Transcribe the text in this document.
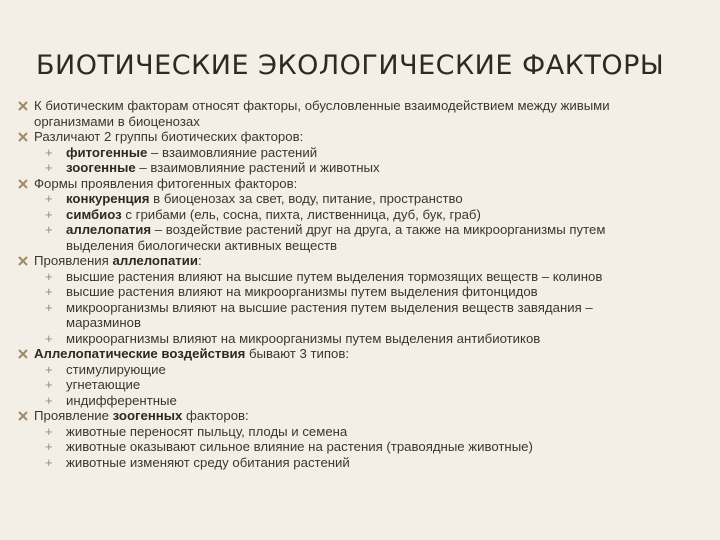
БИОТИЧЕСКИЕ ЭКОЛОГИЧЕСКИЕ ФАКТОРЫ
К биотическим факторам относят факторы, обусловленные взаимодействием между живыми
организмами в биоценозах
Различают 2 группы биотических факторов:
+ фитогенные – взаимовлияние растений
+ зоогенные – взаимовлияние растений и животных
Формы проявления фитогенных факторов:
+ конкуренция в биоценозах за свет, воду, питание, пространство
+ симбиоз с грибами (ель, сосна, пихта, лиственница, дуб, бук, граб)
+ аллелопатия – воздействие растений друг на друга, а также на микроорганизмы путем
выделения биологически активных веществ
Проявления аллелопатии:
+ высшие растения влияют на высшие путем выделения тормозящих веществ – колинов
+ высшие растения влияют на микроорганизмы путем выделения фитонцидов
+ микроорганизмы влияют на высшие растения путем выделения веществ завядания –
маразминов
+ микроорагнизмы влияют на микроорганизмы путем выделения антибиотиков
Аллелопатические воздействия бывают 3 типов:
+ стимулирующие
+ угнетающие
+ индифферентные
Проявление зоогенных факторов:
+ животные переносят пыльцу, плоды и семена
+ животные оказывают сильное влияние на растения (травоядные животные)
+ животные изменяют среду обитания растений
